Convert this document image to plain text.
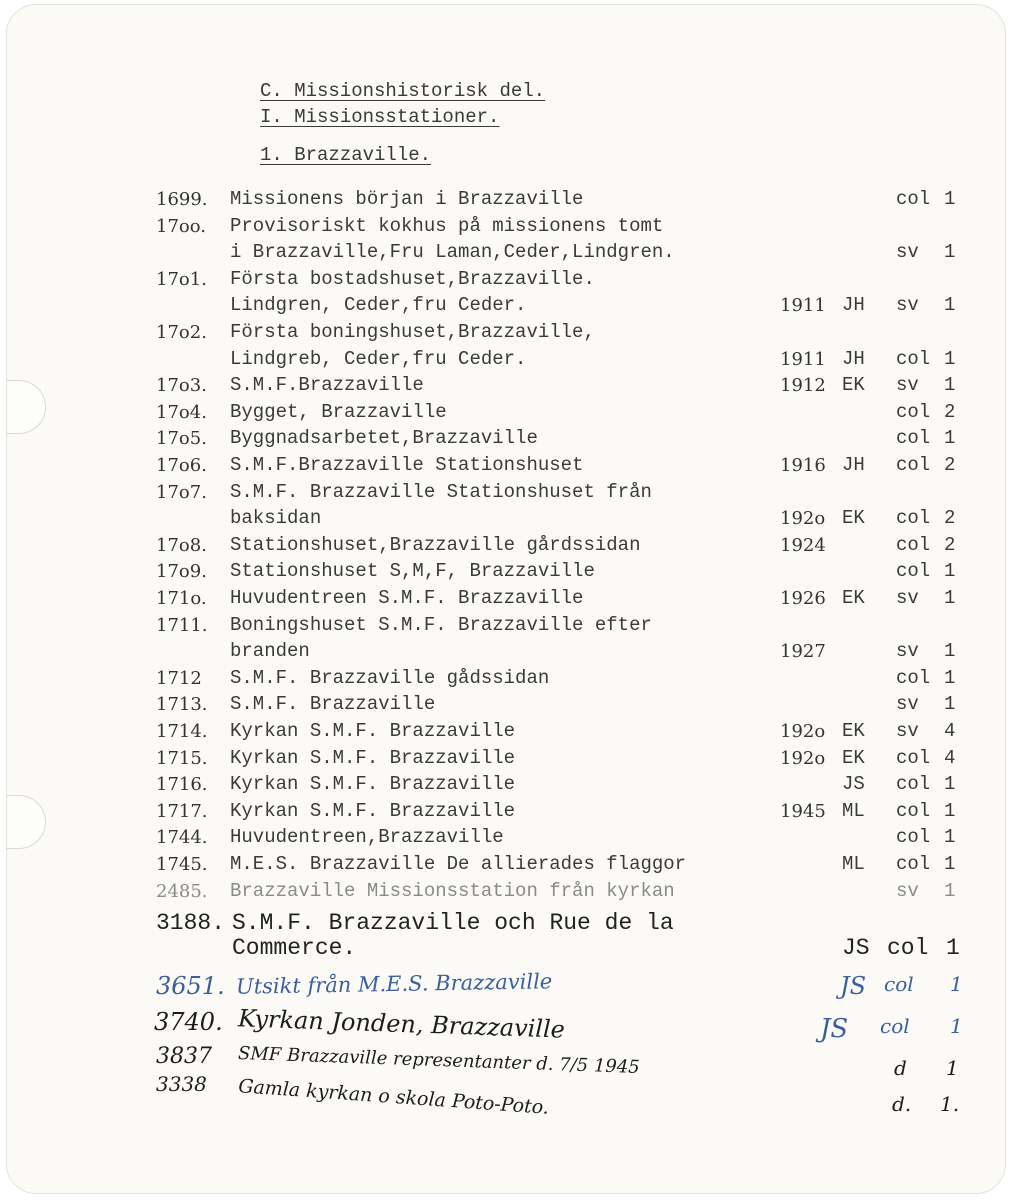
C. Missionshistorisk del.
I. Missionsstationer.
1. Brazzaville.
1699. Missionens början i Brazzaville	col 1
17oo. Provisoriskt kokhus på missionens tomt
i Brazzaville,Fru Laman,Ceder,Lindgren.	sv 1
17o1. Första bostadshuset,Brazzaville.
Lindgren, Ceder,fru Ceder.	1911 JH sv 1
17o2. Första boningshuset,Brazzaville,
Lindgreb, Ceder,fru Ceder.	1911 JH col 1
17o3. S.M.F.Brazzaville	1912 EK sv 1
17o4. Bygget, Brazzaville	col 2
17o5. Byggnadsarbetet,Brazzaville	col 1
17o6. S.M.F.Brazzaville Stationshuset	1916 JH col 2
17o7. S.M.F. Brazzaville Stationshuset från
baksidan	192o EK col 2
17o8. Stationshuset,Brazzaville gårdssidan	1924	col 2
17o9. Stationshuset S,M,F, Brazzaville	col 1
171o. Huvudentreen S.M.F. Brazzaville	1926 EK sv 1
1711. Boningshuset S.M.F. Brazzaville efter
branden	1927	sv 1
1712 S.M.F. Brazzaville gådssidan	col 1
1713. S.M.F. Brazzaville	sv 1
1714. Kyrkan S.M.F. Brazzaville	192o EK sv 4
1715. Kyrkan S.M.F. Brazzaville	192o EK col 4
1716. Kyrkan S.M.F. Brazzaville	JS col 1
1717. Kyrkan S.M.F. Brazzaville	1945 ML col 1
1744. Huvudentreen,Brazzaville	col 1
1745. M.E.S. Brazzaville De allierades flaggor	ML col 1
2485. Brazzaville Missionsstation från kyrkan	sv 1
3188. S.M.F. Brazzaville och Rue de la
Commerce.	JS col 1
3651. Utsikt från M.E.S. Brazzaville	JS col 1
3740. Kyrkan Jonden, Brazzaville	JS col 1
3837 SMF Brazzaville representanter d. 7/5 1945	d 1
3338 Gamla kyrkan o skola Poto-Poto.	d. 1.
